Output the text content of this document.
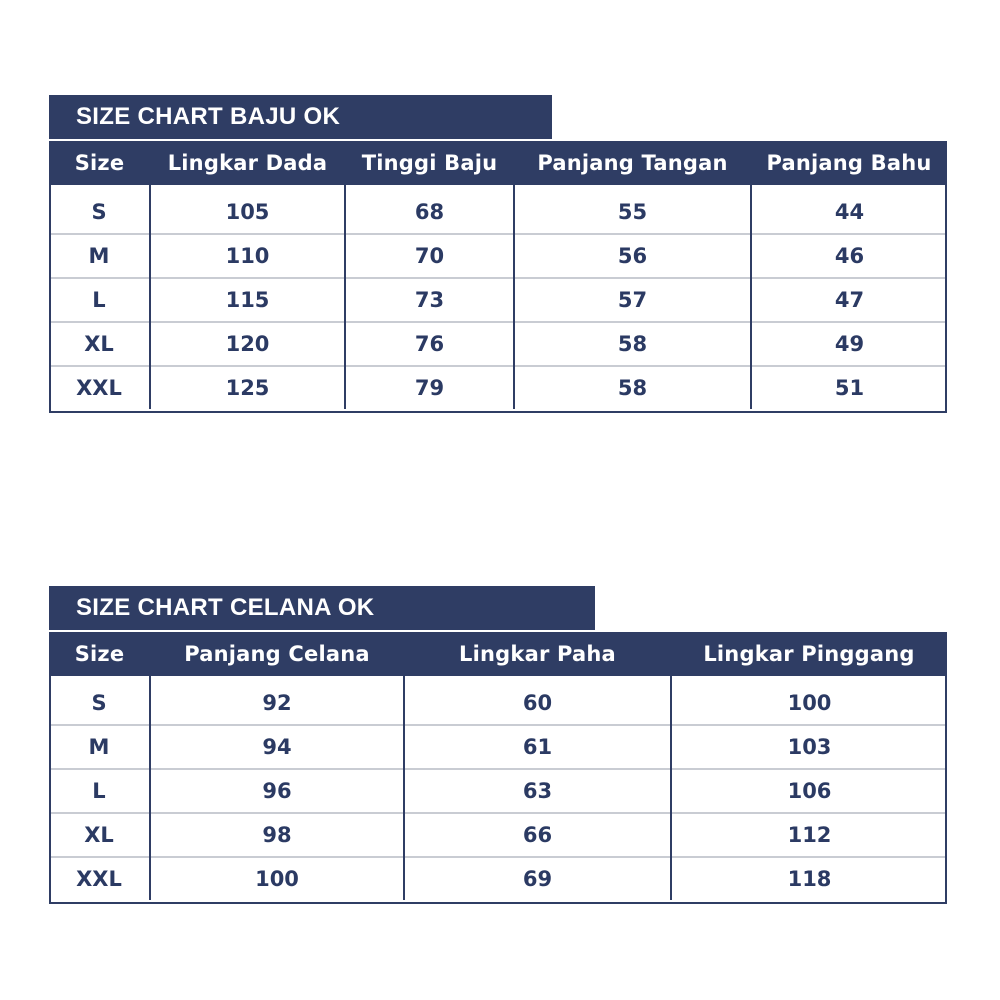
SIZE CHART BAJU OK
Size	Lingkar Dada	Tinggi Baju	Panjang Tangan	Panjang Bahu
S	105	68	55	44
M	110	70	56	46
L	115	73	57	47
XL	120	76	58	49
XXL	125	79	58	51
SIZE CHART CELANA OK
Size	Panjang Celana	Lingkar Paha	Lingkar Pinggang
S	92	60	100
M	94	61	103
L	96	63	106
XL	98	66	112
XXL	100	69	118
